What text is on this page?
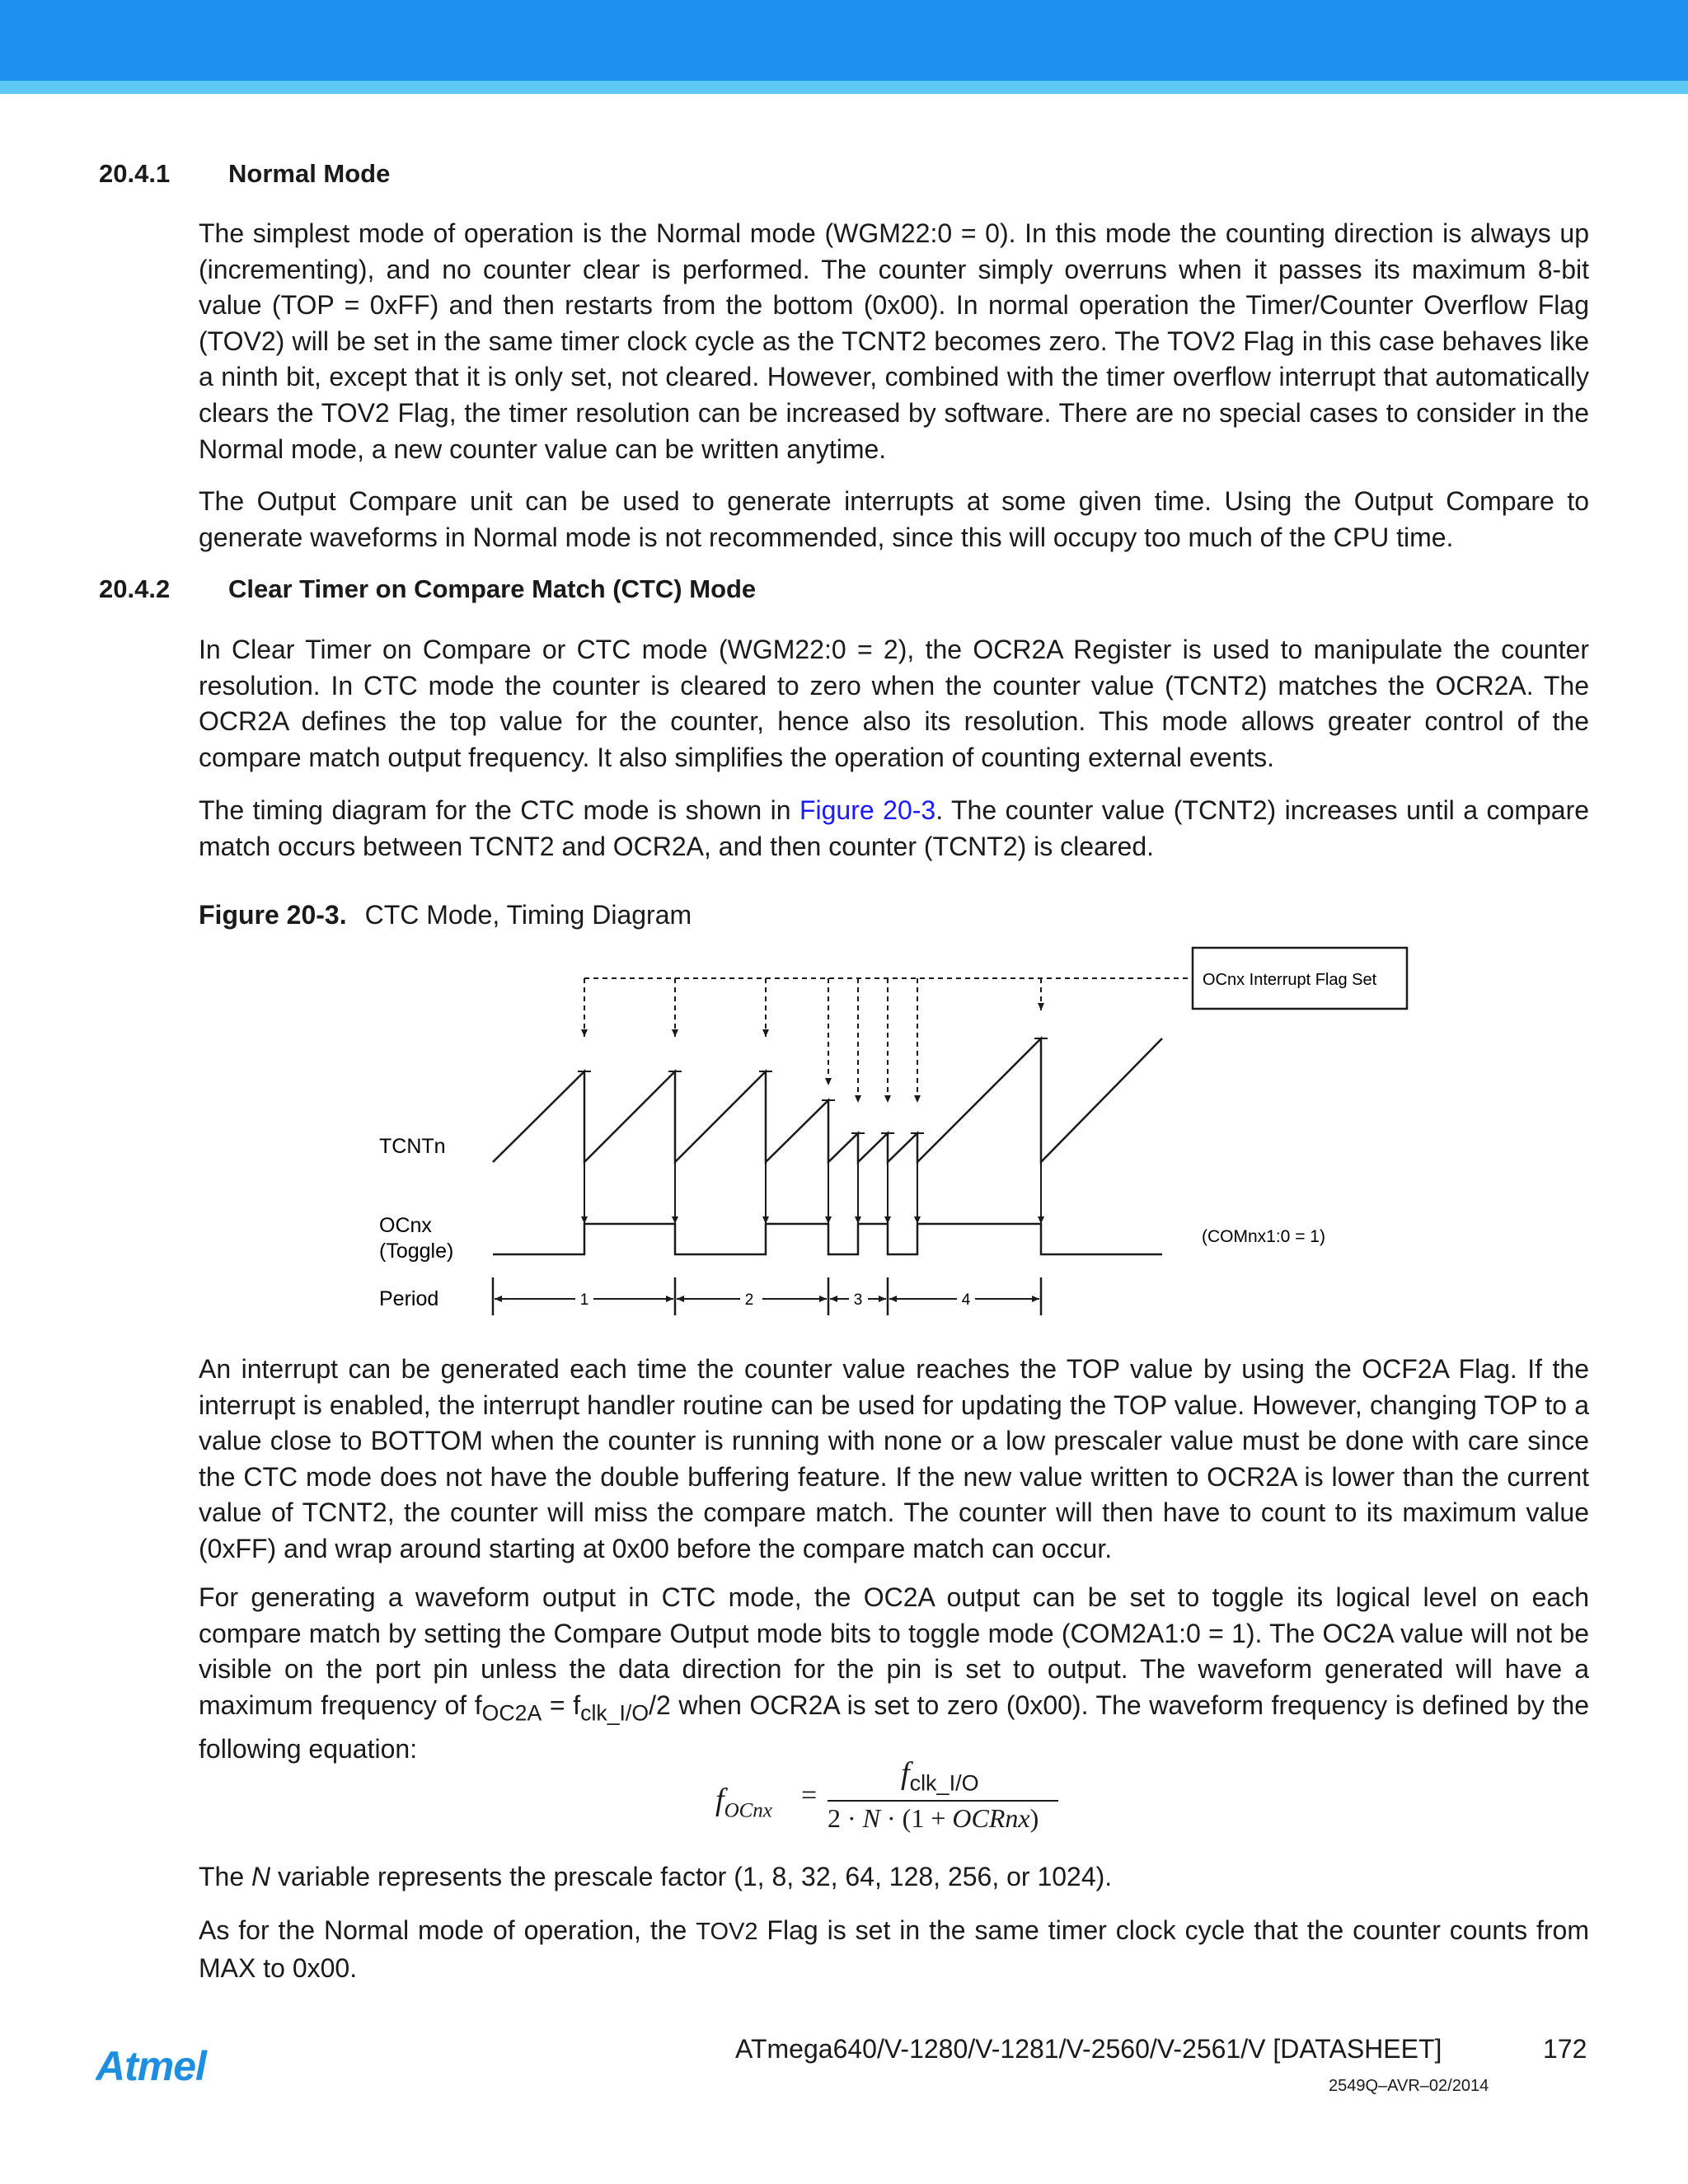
20.4.1 Normal Mode

The simplest mode of operation is the Normal mode (WGM22:0 = 0). In this mode the counting direction is always up (incrementing), and no counter clear is performed. The counter simply overruns when it passes its maximum 8-bit value (TOP = 0xFF) and then restarts from the bottom (0x00). In normal operation the Timer/Counter Overflow Flag (TOV2) will be set in the same timer clock cycle as the TCNT2 becomes zero. The TOV2 Flag in this case behaves like a ninth bit, except that it is only set, not cleared. However, combined with the timer overflow interrupt that automatically clears the TOV2 Flag, the timer resolution can be increased by software. There are no special cases to consider in the Normal mode, a new counter value can be written anytime.

The Output Compare unit can be used to generate interrupts at some given time. Using the Output Compare to generate waveforms in Normal mode is not recommended, since this will occupy too much of the CPU time.

20.4.2 Clear Timer on Compare Match (CTC) Mode

In Clear Timer on Compare or CTC mode (WGM22:0 = 2), the OCR2A Register is used to manipulate the counter resolution. In CTC mode the counter is cleared to zero when the counter value (TCNT2) matches the OCR2A. The OCR2A defines the top value for the counter, hence also its resolution. This mode allows greater control of the compare match output frequency. It also simplifies the operation of counting external events.

The timing diagram for the CTC mode is shown in Figure 20-3. The counter value (TCNT2) increases until a compare match occurs between TCNT2 and OCR2A, and then counter (TCNT2) is cleared.

Figure 20-3. CTC Mode, Timing Diagram
OCnx Interrupt Flag Set
TCNTn
OCnx
(Toggle)
Period
(COMnx1:0 = 1)
1	2	3	4

An interrupt can be generated each time the counter value reaches the TOP value by using the OCF2A Flag. If the interrupt is enabled, the interrupt handler routine can be used for updating the TOP value. However, changing TOP to a value close to BOTTOM when the counter is running with none or a low prescaler value must be done with care since the CTC mode does not have the double buffering feature. If the new value written to OCR2A is lower than the current value of TCNT2, the counter will miss the compare match. The counter will then have to count to its maximum value (0xFF) and wrap around starting at 0x00 before the compare match can occur.

For generating a waveform output in CTC mode, the OC2A output can be set to toggle its logical level on each compare match by setting the Compare Output mode bits to toggle mode (COM2A1:0 = 1). The OC2A value will not be visible on the port pin unless the data direction for the pin is set to output. The waveform generated will have a maximum frequency of $f_{OC2A} = f_{clk\_I/O}/2$ when OCR2A is set to zero (0x00). The waveform frequency is defined by the following equation:

$f_{OCnx}$
=
$f_{clk\_I/O}$
2 · N · (1 + OCRnx)

The N variable represents the prescale factor (1, 8, 32, 64, 128, 256, or 1024).

As for the Normal mode of operation, the TOV2 Flag is set in the same timer clock cycle that the counter counts from MAX to 0x00.

Atmel	ATmega640/V-1280/V-1281/V-2560/V-2561/V [DATASHEET]	172
2549Q–AVR–02/2014
